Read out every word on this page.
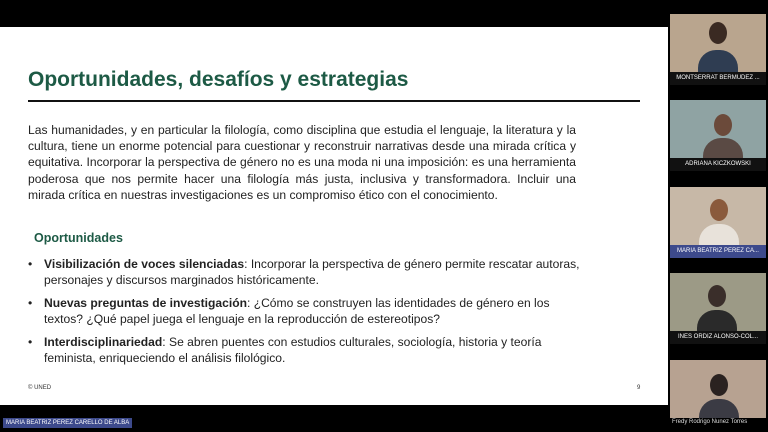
Oportunidades, desafíos y estrategias

Las humanidades, y en particular la filología, como disciplina que estudia el lenguaje, la literatura y la cultura, tiene un enorme potencial para cuestionar y reconstruir narrativas desde una mirada crítica y equitativa. Incorporar la perspectiva de género no es una moda ni una imposición: es una herramienta poderosa que nos permite hacer una filología más justa, inclusiva y transformadora. Incluir una mirada crítica en nuestras investigaciones es un compromiso ético con el conocimiento.

Oportunidades
• Visibilización de voces silenciadas: Incorporar la perspectiva de género permite rescatar autoras, personajes y discursos marginados históricamente.
• Nuevas preguntas de investigación: ¿Cómo se construyen las identidades de género en los textos? ¿Qué papel juega el lenguaje en la reproducción de estereotipos?
• Interdisciplinariedad: Se abren puentes con estudios culturales, sociología, historia y teoría feminista, enriqueciendo el análisis filológico.
© UNED	9
MONTSERRAT BERMUDEZ ...
ADRIANA KICZKOWSKI
MARIA BEATRIZ PEREZ CA...
INES ORDIZ ALONSO-COL...
MARIA BEATRIZ PEREZ CARELLO DE ALBA	Fredy Rodrigo Nunez Torres
